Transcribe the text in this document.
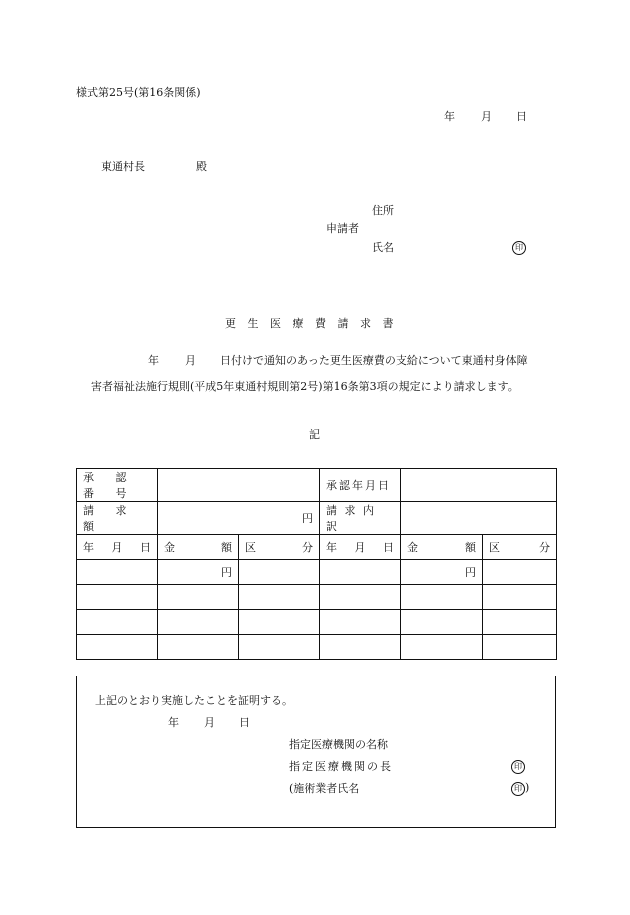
様式第25号(第16条関係)
年 月 日
東通村長	殿
住所
申請者
氏名	印
更 生 医 療 費 請 求 書
年 月 日付けで通知のあった更生医療費の支給について東通村身体障
害者福祉法施行規則(平成5年東通村規則第2号)第16条第3項の規定により請求します。
記
承 認 番 号			承認年月日		
請 求 額	円		請 求 内 訳		

年 月 日	金 額	区 分	年 月 日	金 額	区 分

	円			円	

上記のとおり実施したことを証明する。
年 月 日
指定医療機関の名称
指定医療機関の長	印
(施術業者氏名	印 )
